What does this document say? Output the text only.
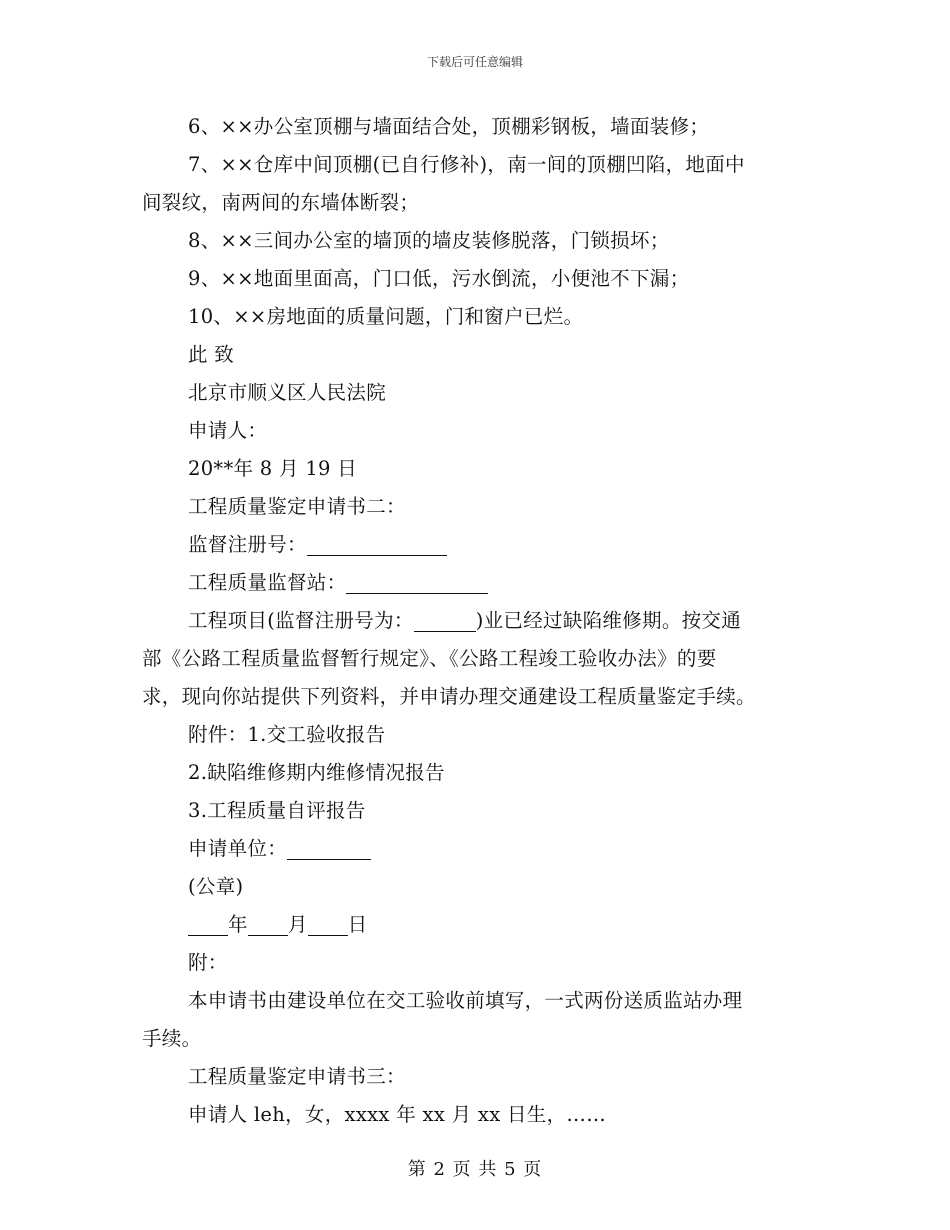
下载后可任意编辑
6、××办公室顶棚与墙面结合处，顶棚彩钢板，墙面装修；
7、××仓库中间顶棚(已自行修补)，南一间的顶棚凹陷，地面中
间裂纹，南两间的东墙体断裂；
8、××三间办公室的墙顶的墙皮装修脱落，门锁损坏；
9、××地面里面高，门口低，污水倒流，小便池不下漏；
10、××房地面的质量问题，门和窗户已烂。
此 致
北京市顺义区人民法院
申请人：
20**年 8 月 19 日
工程质量鉴定申请书二：
监督注册号：
工程质量监督站：
工程项目(监督注册号为：	)业已经过缺陷维修期。按交通
部《公路工程质量监督暂行规定》、《公路工程竣工验收办法》的要
求，现向你站提供下列资料，并申请办理交通建设工程质量鉴定手续。
附件：1.交工验收报告
2.缺陷维修期内维修情况报告
3.工程质量自评报告
申请单位：
(公章)
年 月 日
附：
本申请书由建设单位在交工验收前填写，一式两份送质监站办理
手续。
工程质量鉴定申请书三：
申请人 leh，女，xxxx 年 xx 月 xx 日生，……
第 2 页 共 5 页
